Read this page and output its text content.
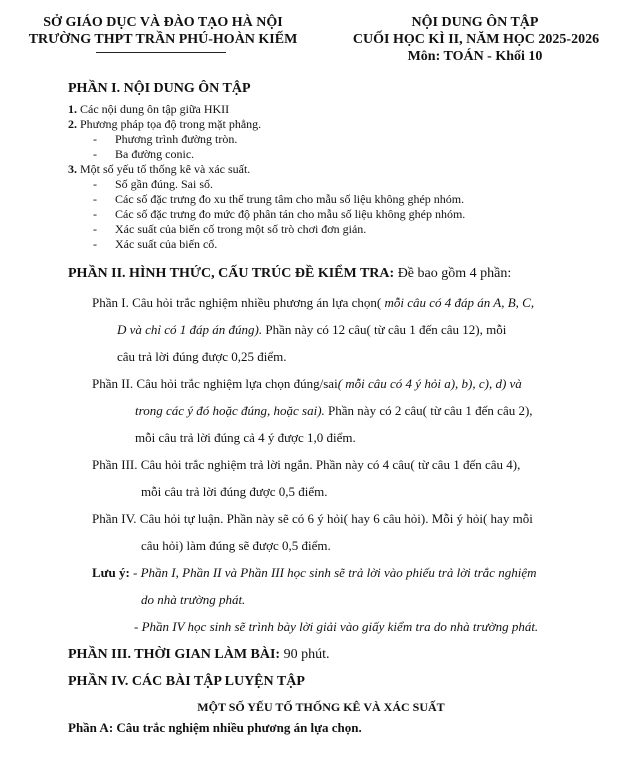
SỞ GIÁO DỤC VÀ ĐÀO TẠO HÀ NỘI
TRƯỜNG THPT TRẦN PHÚ-HOÀN KIẾM
NỘI DUNG ÔN TẬP
CUỐI HỌC KÌ II, NĂM HỌC 2025-2026
Môn: TOÁN - Khối 10
PHẦN I. NỘI DUNG ÔN TẬP
1. Các nội dung ôn tập giữa HKII
2. Phương pháp tọa độ trong mặt phẳng.
- Phương trình đường tròn.
- Ba đường conic.
3. Một số yếu tố thống kê và xác suất.
- Số gần đúng. Sai số.
- Các số đặc trưng đo xu thế trung tâm cho mẫu số liệu không ghép nhóm.
- Các số đặc trưng đo mức độ phân tán cho mẫu số liệu không ghép nhóm.
- Xác suất của biến cố trong một số trò chơi đơn giản.
- Xác suất của biến cố.
PHẦN II. HÌNH THỨC, CẤU TRÚC ĐỀ KIỂM TRA: Đề bao gồm 4 phần:
Phần I. Câu hỏi trắc nghiệm nhiều phương án lựa chọn( mỗi câu có 4 đáp án A, B, C,
D và chỉ có 1 đáp án đúng). Phần này có 12 câu( từ câu 1 đến câu 12), mỗi
câu trả lời đúng được 0,25 điểm.
Phần II. Câu hỏi trắc nghiệm lựa chọn đúng/sai( mỗi câu có 4 ý hỏi a), b), c), d) và
trong các ý đó hoặc đúng, hoặc sai). Phần này có 2 câu( từ câu 1 đến câu 2),
mỗi câu trả lời đúng cả 4 ý được 1,0 điểm.
Phần III. Câu hỏi trắc nghiệm trả lời ngắn. Phần này có 4 câu( từ câu 1 đến câu 4),
mỗi câu trả lời đúng được 0,5 điểm.
Phần IV. Câu hỏi tự luận. Phần này sẽ có 6 ý hỏi( hay 6 câu hỏi). Mỗi ý hỏi( hay mỗi
câu hỏi) làm đúng sẽ được 0,5 điểm.
Lưu ý: - Phần I, Phần II và Phần III học sinh sẽ trả lời vào phiếu trả lời trắc nghiệm
do nhà trường phát.
- Phần IV học sinh sẽ trình bày lời giải vào giấy kiểm tra do nhà trường phát.
PHẦN III. THỜI GIAN LÀM BÀI: 90 phút.
PHẦN IV. CÁC BÀI TẬP LUYỆN TẬP
MỘT SỐ YẾU TỐ THỐNG KÊ VÀ XÁC SUẤT
Phần A: Câu trắc nghiệm nhiều phương án lựa chọn.
